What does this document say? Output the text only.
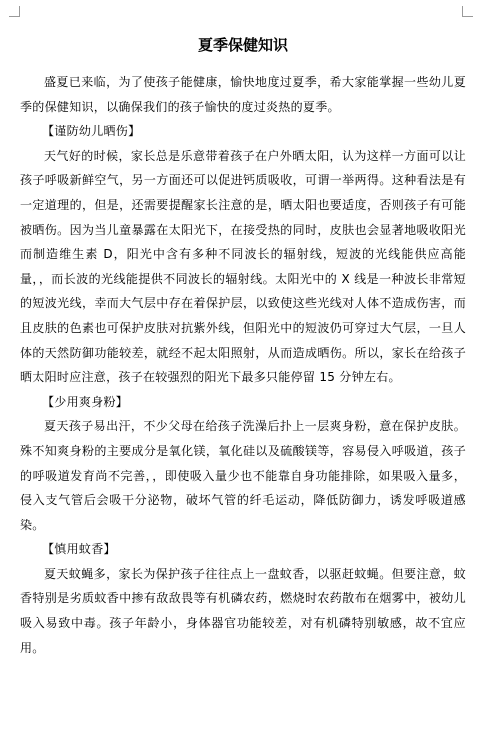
夏季保健知识

盛夏已来临，为了使孩子能健康，愉快地度过夏季，希大家能掌握一些幼儿夏季的保健知识，以确保我们的孩子愉快的度过炎热的夏季。

【谨防幼儿晒伤】

天气好的时候，家长总是乐意带着孩子在户外晒太阳，认为这样一方面可以让孩子呼吸新鲜空气，另一方面还可以促进钙质吸收，可谓一举两得。这种看法是有一定道理的，但是，还需要提醒家长注意的是，晒太阳也要适度，否则孩子有可能被晒伤。因为当儿童暴露在太阳光下，在接受热的同时，皮肤也会显著地吸收阳光而制造维生素 D，阳光中含有多种不同波长的辐射线，短波的光线能供应高能量，，而长波的光线能提供不同波长的辐射线。太阳光中的 X 线是一种波长非常短的短波光线，幸而大气层中存在着保护层，以致使这些光线对人体不造成伤害，而且皮肤的色素也可保护皮肤对抗紫外线，但阳光中的短波仍可穿过大气层，一旦人体的天然防御功能较差，就经不起太阳照射，从而造成晒伤。所以，家长在给孩子晒太阳时应注意，孩子在较强烈的阳光下最多只能停留 15 分钟左右。

【少用爽身粉】

夏天孩子易出汗，不少父母在给孩子洗澡后扑上一层爽身粉，意在保护皮肤。殊不知爽身粉的主要成分是氧化镁，氧化硅以及硫酸镁等，容易侵入呼吸道，孩子的呼吸道发育尚不完善，，即使吸入量少也不能靠自身功能排除，如果吸入量多，侵入支气管后会吸干分泌物，破坏气管的纤毛运动，降低防御力，诱发呼吸道感染。

【慎用蚊香】

夏天蚊蝇多，家长为保护孩子往往点上一盘蚊香，以驱赶蚊蝇。但要注意，蚊香特别是劣质蚊香中掺有敌敌畏等有机磷农药，燃烧时农药散布在烟雾中，被幼儿吸入易致中毒。孩子年龄小，身体器官功能较差，对有机磷特别敏感，故不宜应用。
